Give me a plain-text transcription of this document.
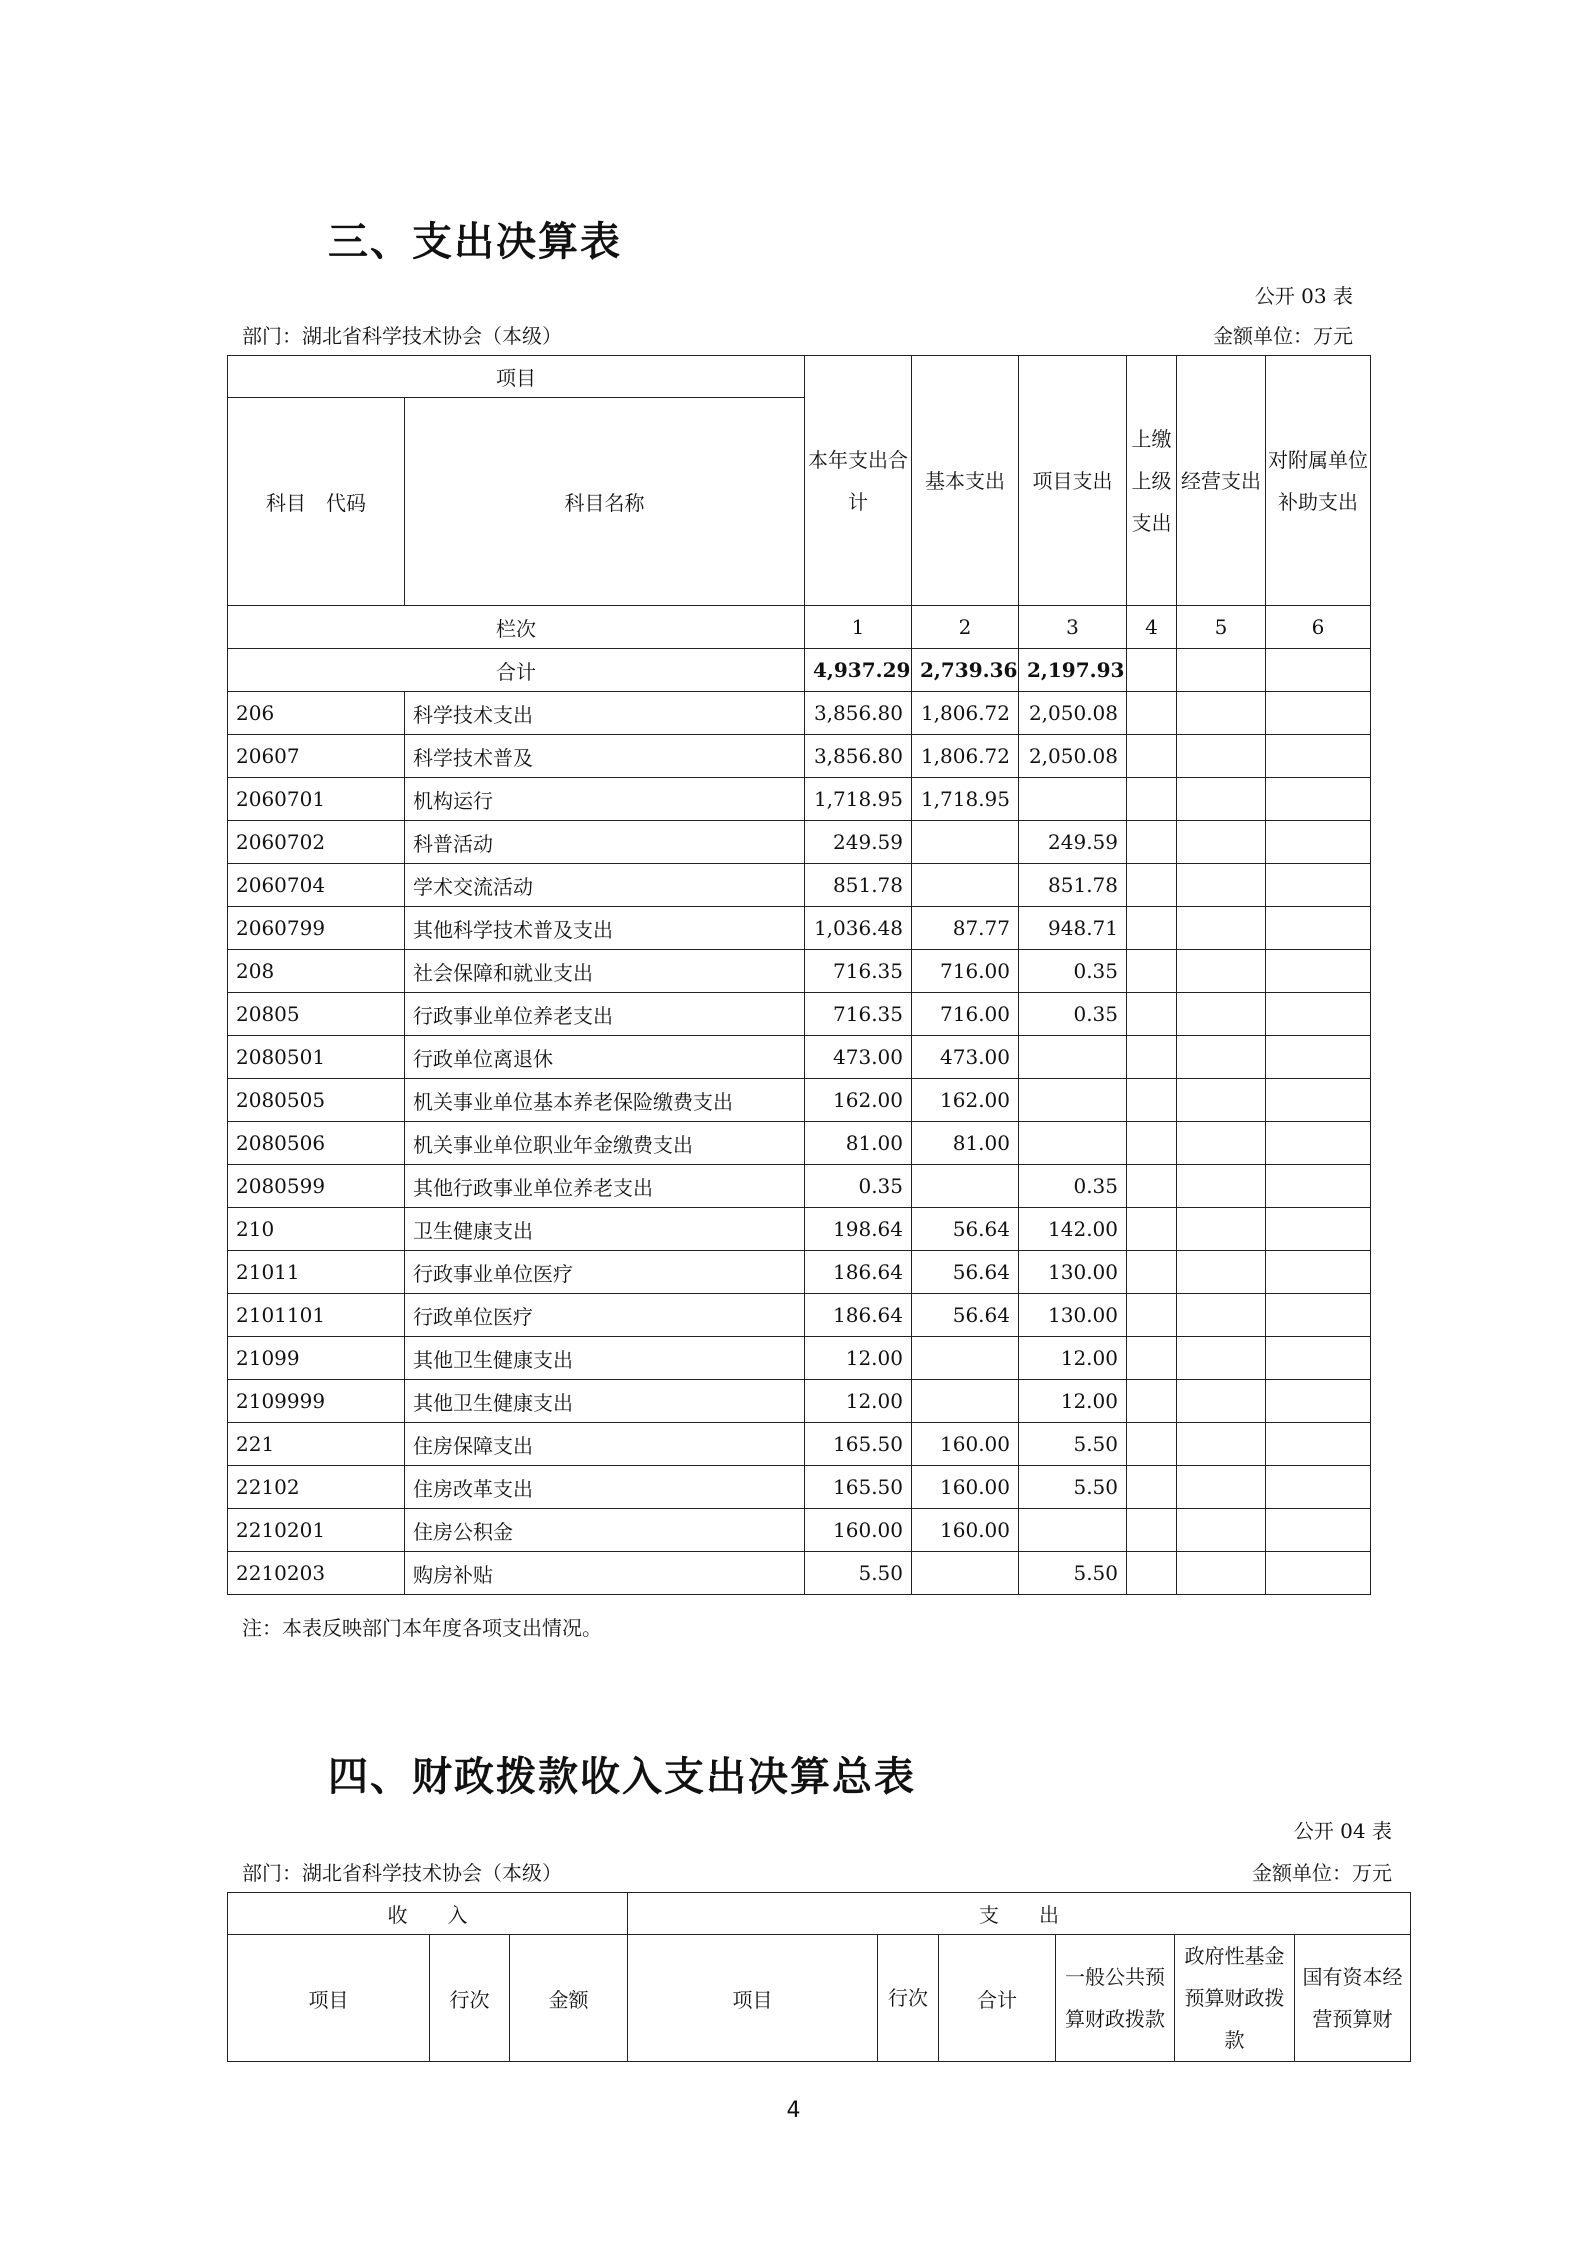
三、支出决算表
公开 03 表
部门：湖北省科学技术协会（本级）	金额单位：万元
项目		本年支出合计	基本支出	项目支出	上缴上级支出	经营支出	对附属单位补助支出
科目　代码	科目名称						
栏次		1	2	3	4	5	6
合计		4,937.29	2,739.36	2,197.93			
206	科学技术支出	3,856.80	1,806.72	2,050.08			
20607	科学技术普及	3,856.80	1,806.72	2,050.08			
2060701	机构运行	1,718.95	1,718.95				
2060702	科普活动	249.59		249.59			
2060704	学术交流活动	851.78		851.78			
2060799	其他科学技术普及支出	1,036.48	87.77	948.71			
208	社会保障和就业支出	716.35	716.00	0.35			
20805	行政事业单位养老支出	716.35	716.00	0.35			
2080501	行政单位离退休	473.00	473.00				
2080505	机关事业单位基本养老保险缴费支出	162.00	162.00				
2080506	机关事业单位职业年金缴费支出	81.00	81.00				
2080599	其他行政事业单位养老支出	0.35		0.35			
210	卫生健康支出	198.64	56.64	142.00			
21011	行政事业单位医疗	186.64	56.64	130.00			
2101101	行政单位医疗	186.64	56.64	130.00			
21099	其他卫生健康支出	12.00		12.00			
2109999	其他卫生健康支出	12.00		12.00			
221	住房保障支出	165.50	160.00	5.50			
22102	住房改革支出	165.50	160.00	5.50			
2210201	住房公积金	160.00	160.00				
2210203	购房补贴	5.50		5.50			
注：本表反映部门本年度各项支出情况。
四、财政拨款收入支出决算总表
公开 04 表
部门：湖北省科学技术协会（本级）	金额单位：万元
收　　入			支　　出					
项目	行次	金额	项目	行次	合计	一般公共预算财政拨款	政府性基金预算财政拨款	国有资本经营预算财
4
